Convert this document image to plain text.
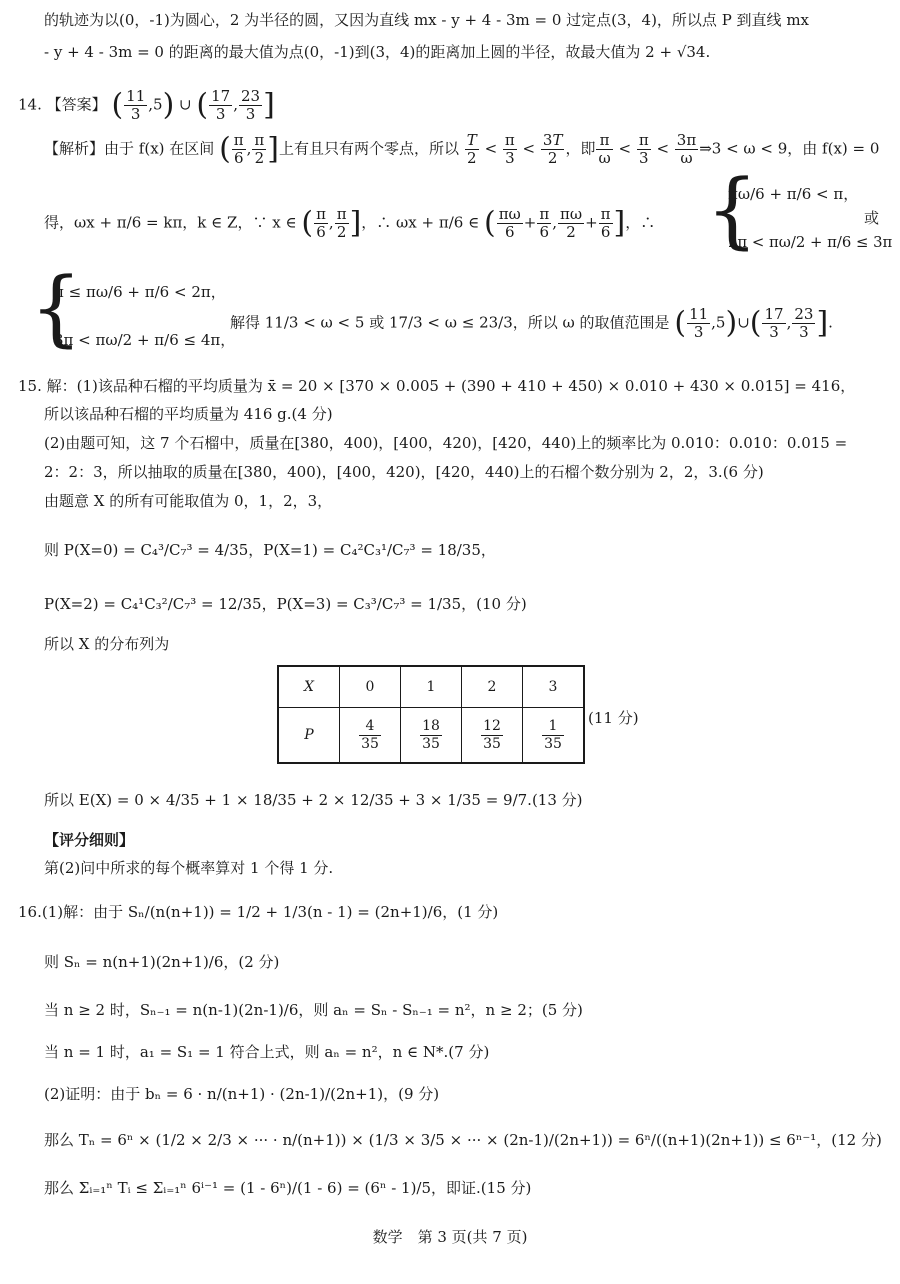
的轨迹为以(0，-1)为圆心，2 为半径的圆，又因为直线 mx - y + 4 - 3m = 0 过定点(3，4)，所以点 P 到直线 mx
- y + 4 - 3m = 0 的距离的最大值为点(0，-1)到(3，4)的距离加上圆的半径，故最大值为 2 + √34.
14. 【答案】 ( $\frac{11}{3} ,5$) ∪ ( $\frac{17}{3}$ , $\frac{23}{3}$ ]
【解析】由于 f(x) 在区间 ( $\frac{\pi}{6}$ , $\frac{\pi}{2}$ ]上有且只有两个零点，所以 $\frac{T}{2} < \frac{\pi}{3} < \frac{3T}{2}$ ，即 $\frac{\pi}{\omega} < \frac{\pi}{3} < \frac{3\pi}{\omega}$ ⇒3 < ω < 9，由 f(x) = 0
得，ωx + π/6 = kπ，k ∈ Z，∵ x ∈ ( $\frac{\pi}{6}$ , $\frac{\pi}{2}$ ]，∴ ωx + π/6 ∈ ( $\frac{\pi\omega}{6} + \frac{\pi}{6}$ , $\frac{\pi\omega}{2} + \frac{\pi}{6}$ ]，∴ {
πω/6 + π/6 < π，
2π < πω/2 + π/6 ≤ 3π
或
{
π ≤ πω/6 + π/6 < 2π，
3π < πω/2 + π/6 ≤ 4π，
解得 11/3 < ω < 5 或 17/3 < ω ≤ 23/3，所以 ω 的取值范围是 ( $\frac{11}{3}$ ,5)∪( $\frac{17}{3}$ , $\frac{23}{3}$ ].
15. 解：(1)该品种石榴的平均质量为 x̄ = 20 × [370 × 0.005 + (390 + 410 + 450) × 0.010 + 430 × 0.015] = 416，
所以该品种石榴的平均质量为 416 g.(4 分)
(2)由题可知，这 7 个石榴中，质量在[380，400)，[400，420)，[420，440)上的频率比为 0.010：0.010：0.015 =
2：2：3，所以抽取的质量在[380，400)，[400，420)，[420，440)上的石榴个数分别为 2，2，3.(6 分)
由题意 X 的所有可能取值为 0，1，2，3，
则 P(X=0) = C₄³/C₇³ = 4/35，P(X=1) = C₄²C₃¹/C₇³ = 18/35，
P(X=2) = C₄¹C₃²/C₇³ = 12/35，P(X=3) = C₃³/C₇³ = 1/35，(10 分)
所以 X 的分布列为
X	0	1	2	3
P	$\frac{4}{35}$	$\frac{18}{35}$	$\frac{12}{35}$	$\frac{1}{35} (11$ 分)
所以 E(X) = 0 × 4/35 + 1 × 18/35 + 2 × 12/35 + 3 × 1/35 = 9/7.(13 分)
【评分细则】
第(2)问中所求的每个概率算对 1 个得 1 分.
16.(1)解：由于 Sₙ/(n(n+1)) = 1/2 + 1/3(n - 1) = (2n+1)/6，(1 分)
则 Sₙ = n(n+1)(2n+1)/6，(2 分)
当 n ≥ 2 时，Sₙ₋₁ = n(n-1)(2n-1)/6，则 aₙ = Sₙ - Sₙ₋₁ = n²，n ≥ 2；(5 分)
当 n = 1 时，a₁ = S₁ = 1 符合上式，则 aₙ = n²，n ∈ N*.(7 分)
(2)证明：由于 bₙ = 6 · n/(n+1) · (2n-1)/(2n+1)，(9 分)
那么 Tₙ = 6ⁿ × (1/2 × 2/3 × ··· · n/(n+1)) × (1/3 × 3/5 × ··· × (2n-1)/(2n+1)) = 6ⁿ/((n+1)(2n+1)) ≤ 6ⁿ⁻¹，(12 分)
那么 Σᵢ₌₁ⁿ Tᵢ ≤ Σᵢ₌₁ⁿ 6ⁱ⁻¹ = (1 - 6ⁿ)/(1 - 6) = (6ⁿ - 1)/5，即证.(15 分)
数学　第 3 页(共 7 页)
